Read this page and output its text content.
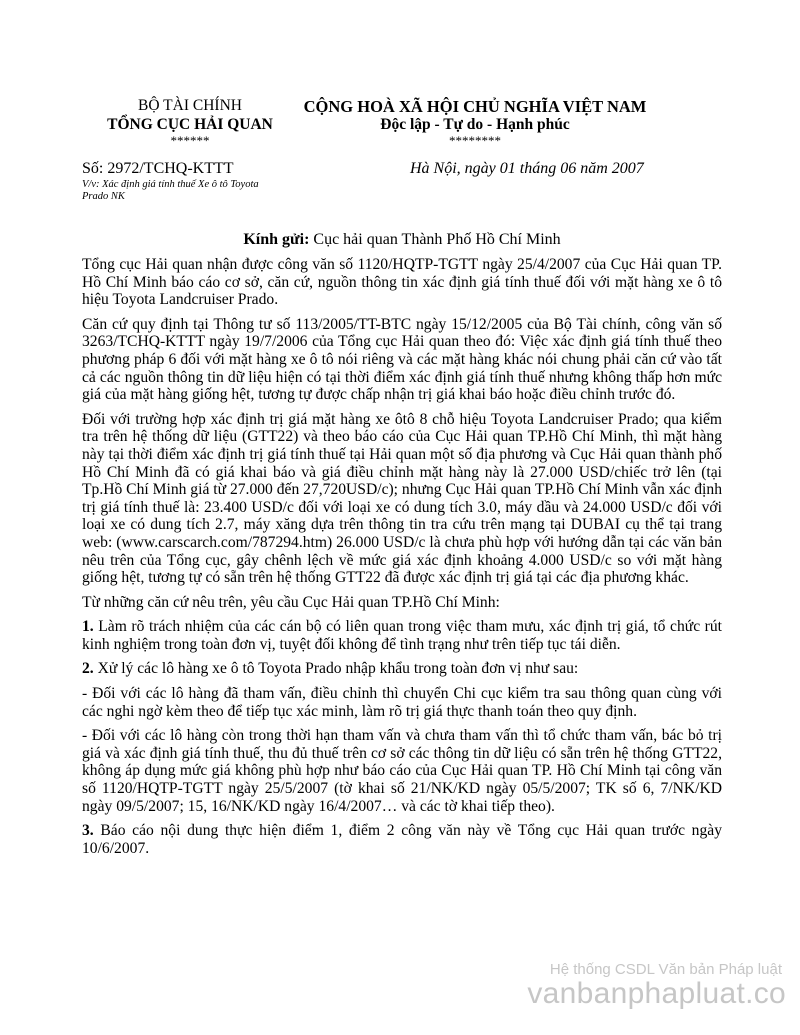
BỘ TÀI CHÍNH
TỔNG CỤC HẢI QUAN
******
CỘNG HOÀ XÃ HỘI CHỦ NGHĨA VIỆT NAM
Độc lập - Tự do - Hạnh phúc
********
Số: 2972/TCHQ-KTTT	Hà Nội, ngày 01 tháng 06 năm 2007
V/v: Xác định giá tính thuế Xe ô tô Toyota Prado NK
Kính gửi: Cục hải quan Thành Phố Hồ Chí Minh

Tổng cục Hải quan nhận được công văn số 1120/HQTP-TGTT ngày 25/4/2007 của Cục Hải quan TP. Hồ Chí Minh báo cáo cơ sở, căn cứ, nguồn thông tin xác định giá tính thuế đối với mặt hàng xe ô tô hiệu Toyota Landcruiser Prado.

Căn cứ quy định tại Thông tư số 113/2005/TT-BTC ngày 15/12/2005 của Bộ Tài chính, công văn số 3263/TCHQ-KTTT ngày 19/7/2006 của Tổng cục Hải quan theo đó: Việc xác định giá tính thuế theo phương pháp 6 đối với mặt hàng xe ô tô nói riêng và các mặt hàng khác nói chung phải căn cứ vào tất cả các nguồn thông tin dữ liệu hiện có tại thời điểm xác định giá tính thuế nhưng không thấp hơn mức giá của mặt hàng giống hệt, tương tự được chấp nhận trị giá khai báo hoặc điều chỉnh trước đó.

Đối với trường hợp xác định trị giá mặt hàng xe ôtô 8 chỗ hiệu Toyota Landcruiser Prado; qua kiểm tra trên hệ thống dữ liệu (GTT22) và theo báo cáo của Cục Hải quan TP.Hồ Chí Minh, thì mặt hàng này tại thời điểm xác định trị giá tính thuế tại Hải quan một số địa phương và Cục Hải quan thành phố Hồ Chí Minh đã có giá khai báo và giá điều chỉnh mặt hàng này là 27.000 USD/chiếc trở lên (tại Tp.Hồ Chí Minh giá từ 27.000 đến 27,720USD/c); nhưng Cục Hải quan TP.Hồ Chí Minh vẫn xác định trị giá tính thuế là: 23.400 USD/c đối với loại xe có dung tích 3.0, máy dầu và 24.000 USD/c đối với loại xe có dung tích 2.7, máy xăng dựa trên thông tin tra cứu trên mạng tại DUBAI cụ thể tại trang web: (www.carscarch.com/787294.htm) 26.000 USD/c là chưa phù hợp với hướng dẫn tại các văn bản nêu trên của Tổng cục, gây chênh lệch về mức giá xác định khoảng 4.000 USD/c so với mặt hàng giống hệt, tương tự có sẵn trên hệ thống GTT22 đã được xác định trị giá tại các địa phương khác.

Từ những căn cứ nêu trên, yêu cầu Cục Hải quan TP.Hồ Chí Minh:

1. Làm rõ trách nhiệm của các cán bộ có liên quan trong việc tham mưu, xác định trị giá, tổ chức rút kinh nghiệm trong toàn đơn vị, tuyệt đối không để tình trạng như trên tiếp tục tái diễn.

2. Xử lý các lô hàng xe ô tô Toyota Prado nhập khẩu trong toàn đơn vị như sau:

- Đối với các lô hàng đã tham vấn, điều chỉnh thì chuyển Chi cục kiểm tra sau thông quan cùng với các nghi ngờ kèm theo để tiếp tục xác minh, làm rõ trị giá thực thanh toán theo quy định.

- Đối với các lô hàng còn trong thời hạn tham vấn và chưa tham vấn thì tổ chức tham vấn, bác bỏ trị giá và xác định giá tính thuế, thu đủ thuế trên cơ sở các thông tin dữ liệu có sẵn trên hệ thống GTT22, không áp dụng mức giá không phù hợp như báo cáo của Cục Hải quan TP. Hồ Chí Minh tại công văn số 1120/HQTP-TGTT ngày 25/5/2007 (tờ khai số 21/NK/KD ngày 05/5/2007; TK số 6, 7/NK/KD ngày 09/5/2007; 15, 16/NK/KD ngày 16/4/2007… và các tờ khai tiếp theo).

3. Báo cáo nội dung thực hiện điểm 1, điểm 2 công văn này về Tổng cục Hải quan trước ngày 10/6/2007.

Hệ thống CSDL Văn bản Pháp luật
vanbanphapluat.co
